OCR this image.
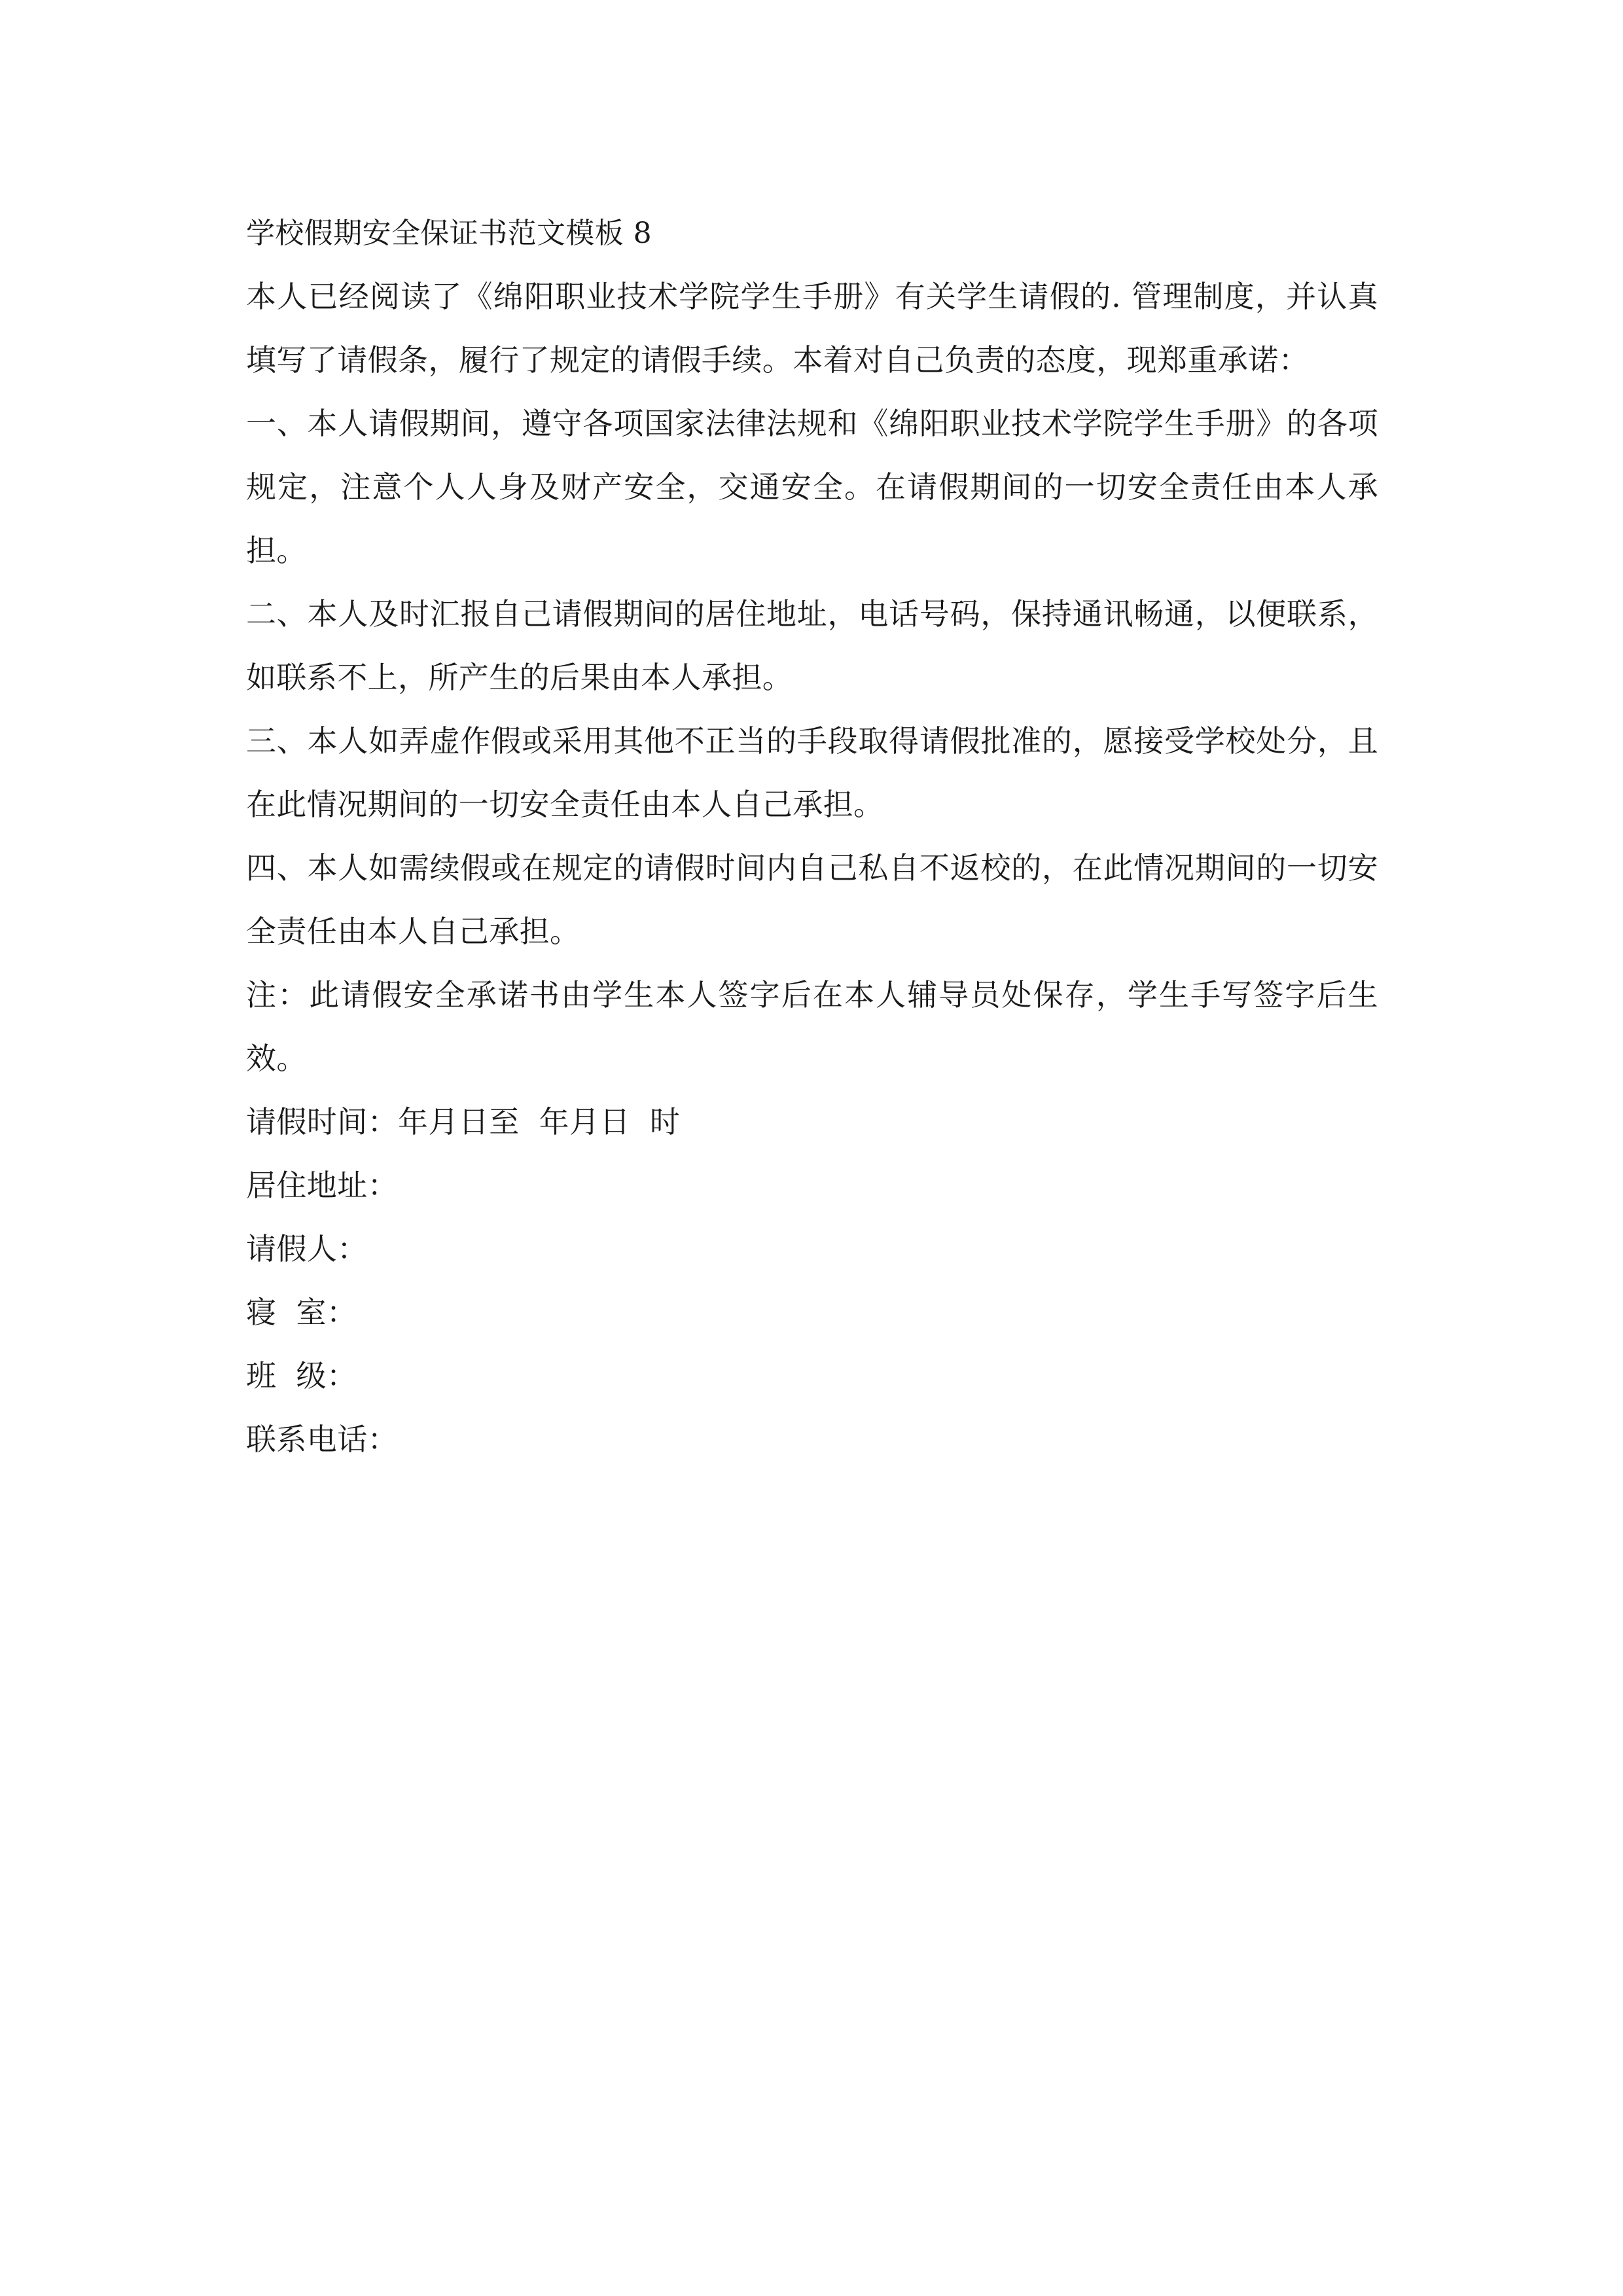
学校假期安全保证书范文模板 8

本人已经阅读了《绵阳职业技术学院学生手册》有关学生请假的. 管理制度，并认真填写了请假条，履行了规定的请假手续。本着对自己负责的态度，现郑重承诺：

一、本人请假期间，遵守各项国家法律法规和《绵阳职业技术学院学生手册》的各项规定，注意个人人身及财产安全，交通安全。在请假期间的一切安全责任由本人承担。

二、本人及时汇报自己请假期间的居住地址，电话号码，保持通讯畅通，以便联系，如联系不上，所产生的后果由本人承担。

三、本人如弄虚作假或采用其他不正当的手段取得请假批准的，愿接受学校处分，且在此情况期间的一切安全责任由本人自己承担。

四、本人如需续假或在规定的请假时间内自己私自不返校的，在此情况期间的一切安全责任由本人自己承担。

注：此请假安全承诺书由学生本人签字后在本人辅导员处保存，学生手写签字后生效。

请假时间：年月日至  年月日  时

居住地址：

请假人：

寝  室：

班  级：

联系电话：
